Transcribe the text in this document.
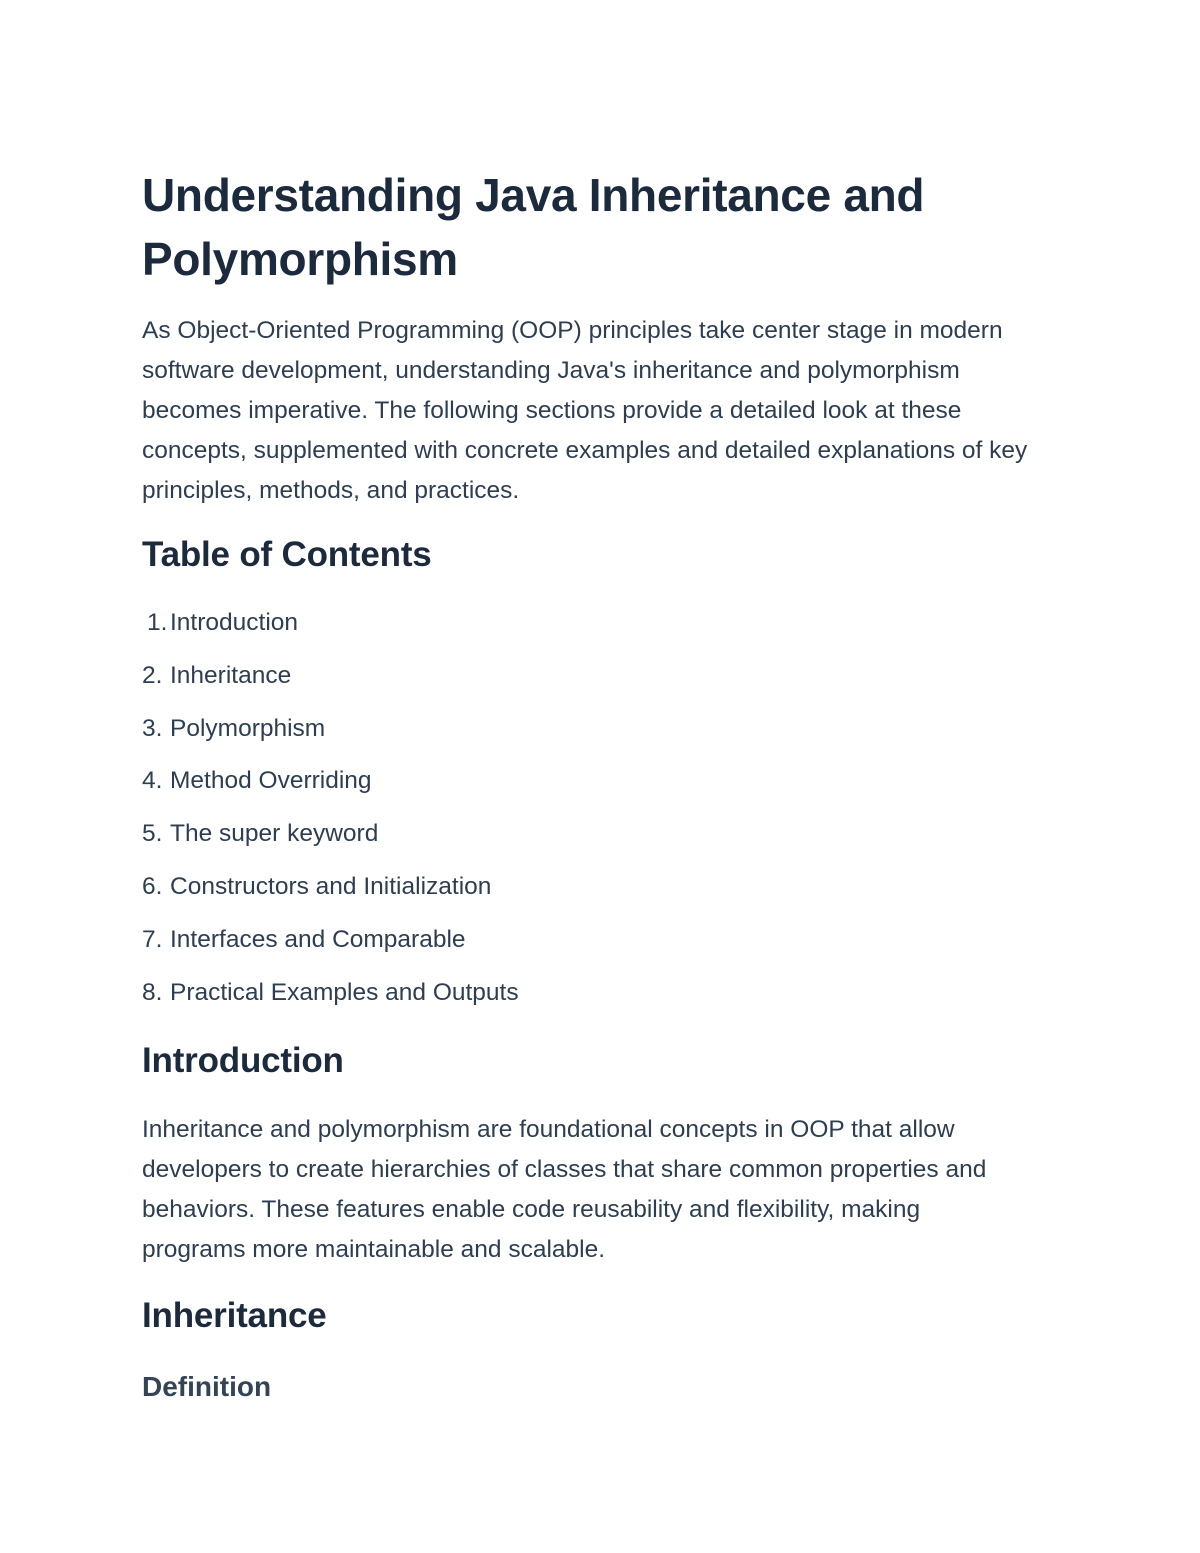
Understanding Java Inheritance and Polymorphism

As Object-Oriented Programming (OOP) principles take center stage in modern software development, understanding Java's inheritance and polymorphism becomes imperative. The following sections provide a detailed look at these concepts, supplemented with concrete examples and detailed explanations of key principles, methods, and practices.

Table of Contents
1. Introduction
2. Inheritance
3. Polymorphism
4. Method Overriding
5. The super keyword
6. Constructors and Initialization
7. Interfaces and Comparable
8. Practical Examples and Outputs
Introduction

Inheritance and polymorphism are foundational concepts in OOP that allow developers to create hierarchies of classes that share common properties and behaviors. These features enable code reusability and flexibility, making programs more maintainable and scalable.

Inheritance
Definition
